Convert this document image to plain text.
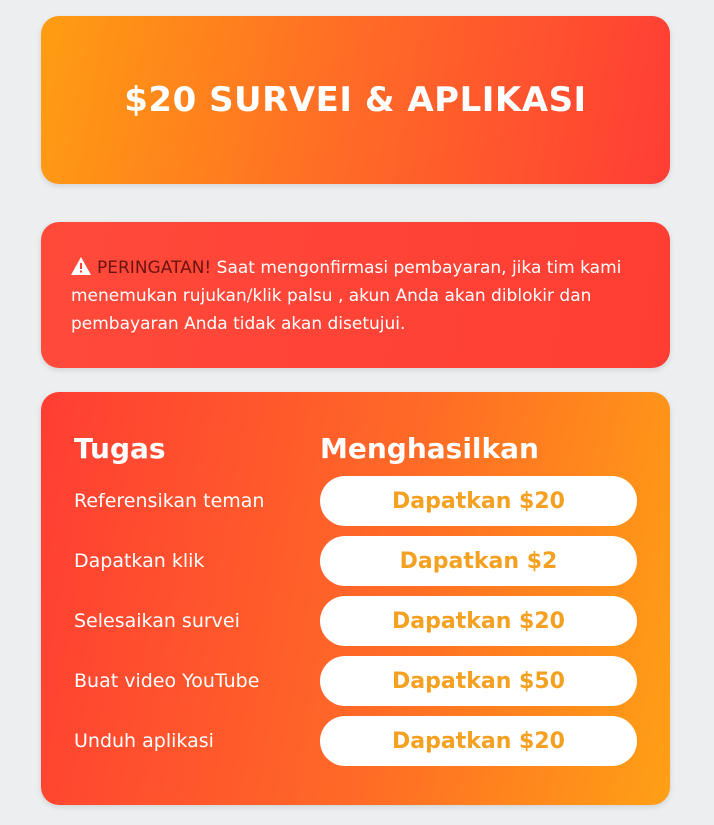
$20 SURVEI & APLIKASI
PERINGATAN! Saat mengonfirmasi pembayaran, jika tim kami menemukan rujukan/klik palsu , akun Anda akan diblokir dan pembayaran Anda tidak akan disetujui.
Tugas	Menghasilkan
Referensikan teman	Dapatkan $20
Dapatkan klik	Dapatkan $2
Selesaikan survei	Dapatkan $20
Buat video YouTube	Dapatkan $50
Unduh aplikasi	Dapatkan $20
